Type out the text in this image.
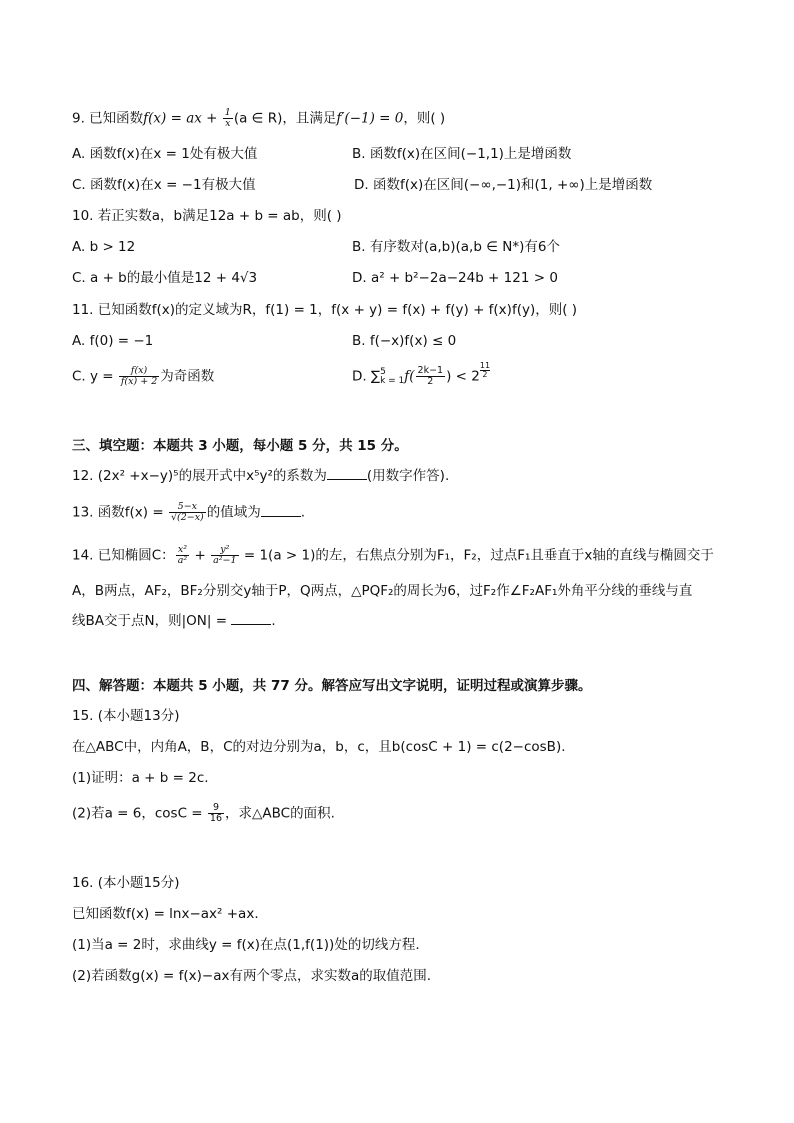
9. 已知函数f(x) = ax + $\frac{1}{x} (a$ ∈ R)，且满足f′(−1) = 0，则( )
A. 函数f(x)在x = 1处有极大值	B. 函数f(x)在区间(−1,1)上是增函数
C. 函数f(x)在x = −1有极大值	D. 函数f(x)在区间(−∞,−1)和(1, +∞)上是增函数
10. 若正实数a，b满足12a + b = ab，则( )
A. b > 12	B. 有序数对(a,b)(a,b ∈ N*)有6个
C. a + b的最小值是12 + 4√3	D. a² + b²−2a−24b + 121 > 0
11. 已知函数f(x)的定义域为R，f(1) = 1，f(x + y) = f(x) + f(y) + f(x)f(y)，则( )
A. f(0) = −1	B. f(−x)f(x) ≤ 0
C. $y = \frac{f(x)}{f(x) + 2}$ 为奇函数	D. ∑ 5
k = 1 $f( \frac{2k-1}{2}$ ) < $2 \frac{11}{2}$
三、填空题：本题共 3 小题，每小题 5 分，共 15 分。
12. (2x² +x−y)⁵的展开式中x⁵y²的系数为	(用数字作答).
13. 函数$f(x) = \frac{5-x}{√(2-x)}$ 的值域为	.
14. 已知椭圆C： $\frac{\text{x²}}{\text{a²}} + \frac{\text{y²}}{\text{a²−1}} = 1(a > 1)$的左，右焦点分别为F₁，F₂，过点F₁且垂直于x轴的直线与椭圆交于
A，B两点，AF₂，BF₂分别交y轴于P，Q两点，△PQF₂的周长为6，过F₂作∠F₂AF₁外角平分线的垂线与直
线BA交于点N，则|ON| =	.
四、解答题：本题共 5 小题，共 77 分。解答应写出文字说明，证明过程或演算步骤。
15. (本小题13分)
在△ABC中，内角A，B，C的对边分别为a，b，c，且b(cosC + 1) = c(2−cosB).
(1)证明：a + b = 2c.
(2)若a = 6，$\cos C = \frac{9}{16}$ ，求△ABC的面积.
16. (本小题15分)
已知函数f(x) = lnx−ax² +ax.
(1)当a = 2时，求曲线y = f(x)在点(1,f(1))处的切线方程.
(2)若函数g(x) = f(x)−ax有两个零点，求实数a的取值范围.
